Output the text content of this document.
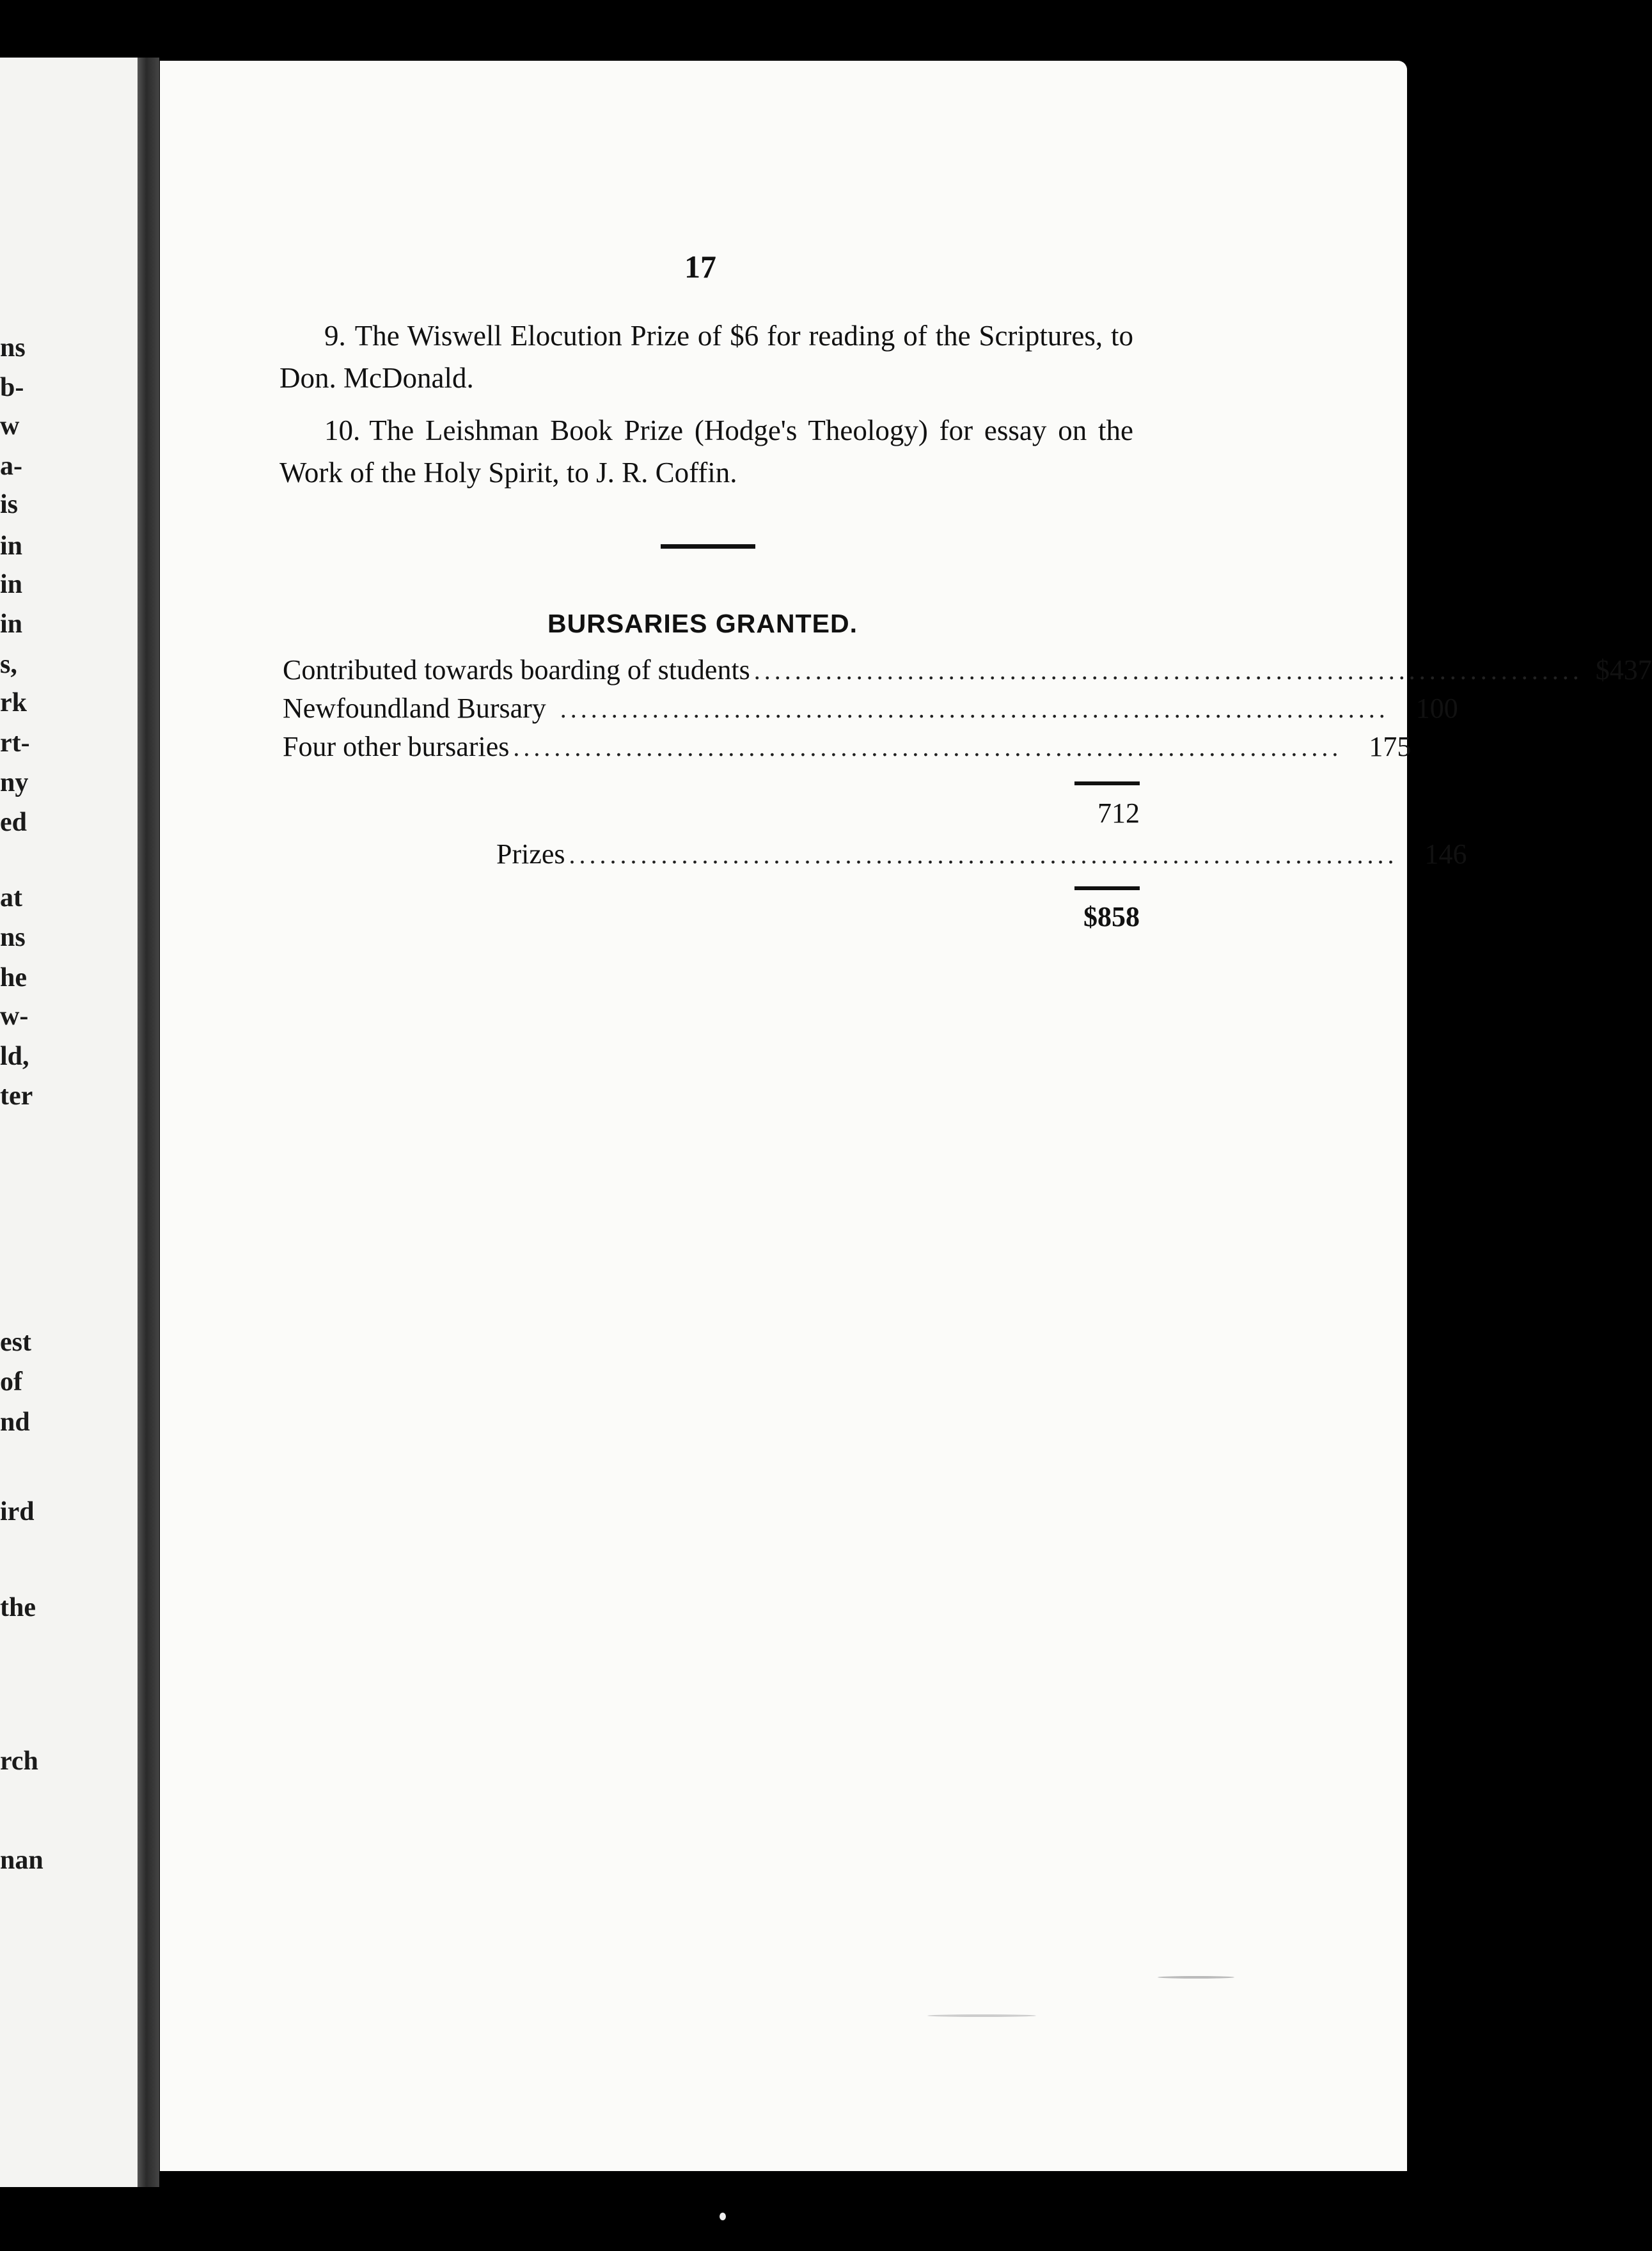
ns
b-
w
a-
is
in
in
in
s,
rk
rt-
ny
ed
at
ns
he
w-
ld,
ter
est
of
nd
ird
the
rch
nan
17
9. The Wiswell Elocution Prize of $6 for reading of the Scriptures, to Don. McDonald.
10. The Leishman Book Prize (Hodge's Theology) for essay on the Work of the Holy Spirit, to J. R. Coffin.
BURSARIES GRANTED.
Contributed towards boarding of students ................................................................................. $437
Newfoundland Bursary ................................................................................. 100
Four other bursaries ................................................................................. 175
712
Prizes ................................................................................. 146
$858
